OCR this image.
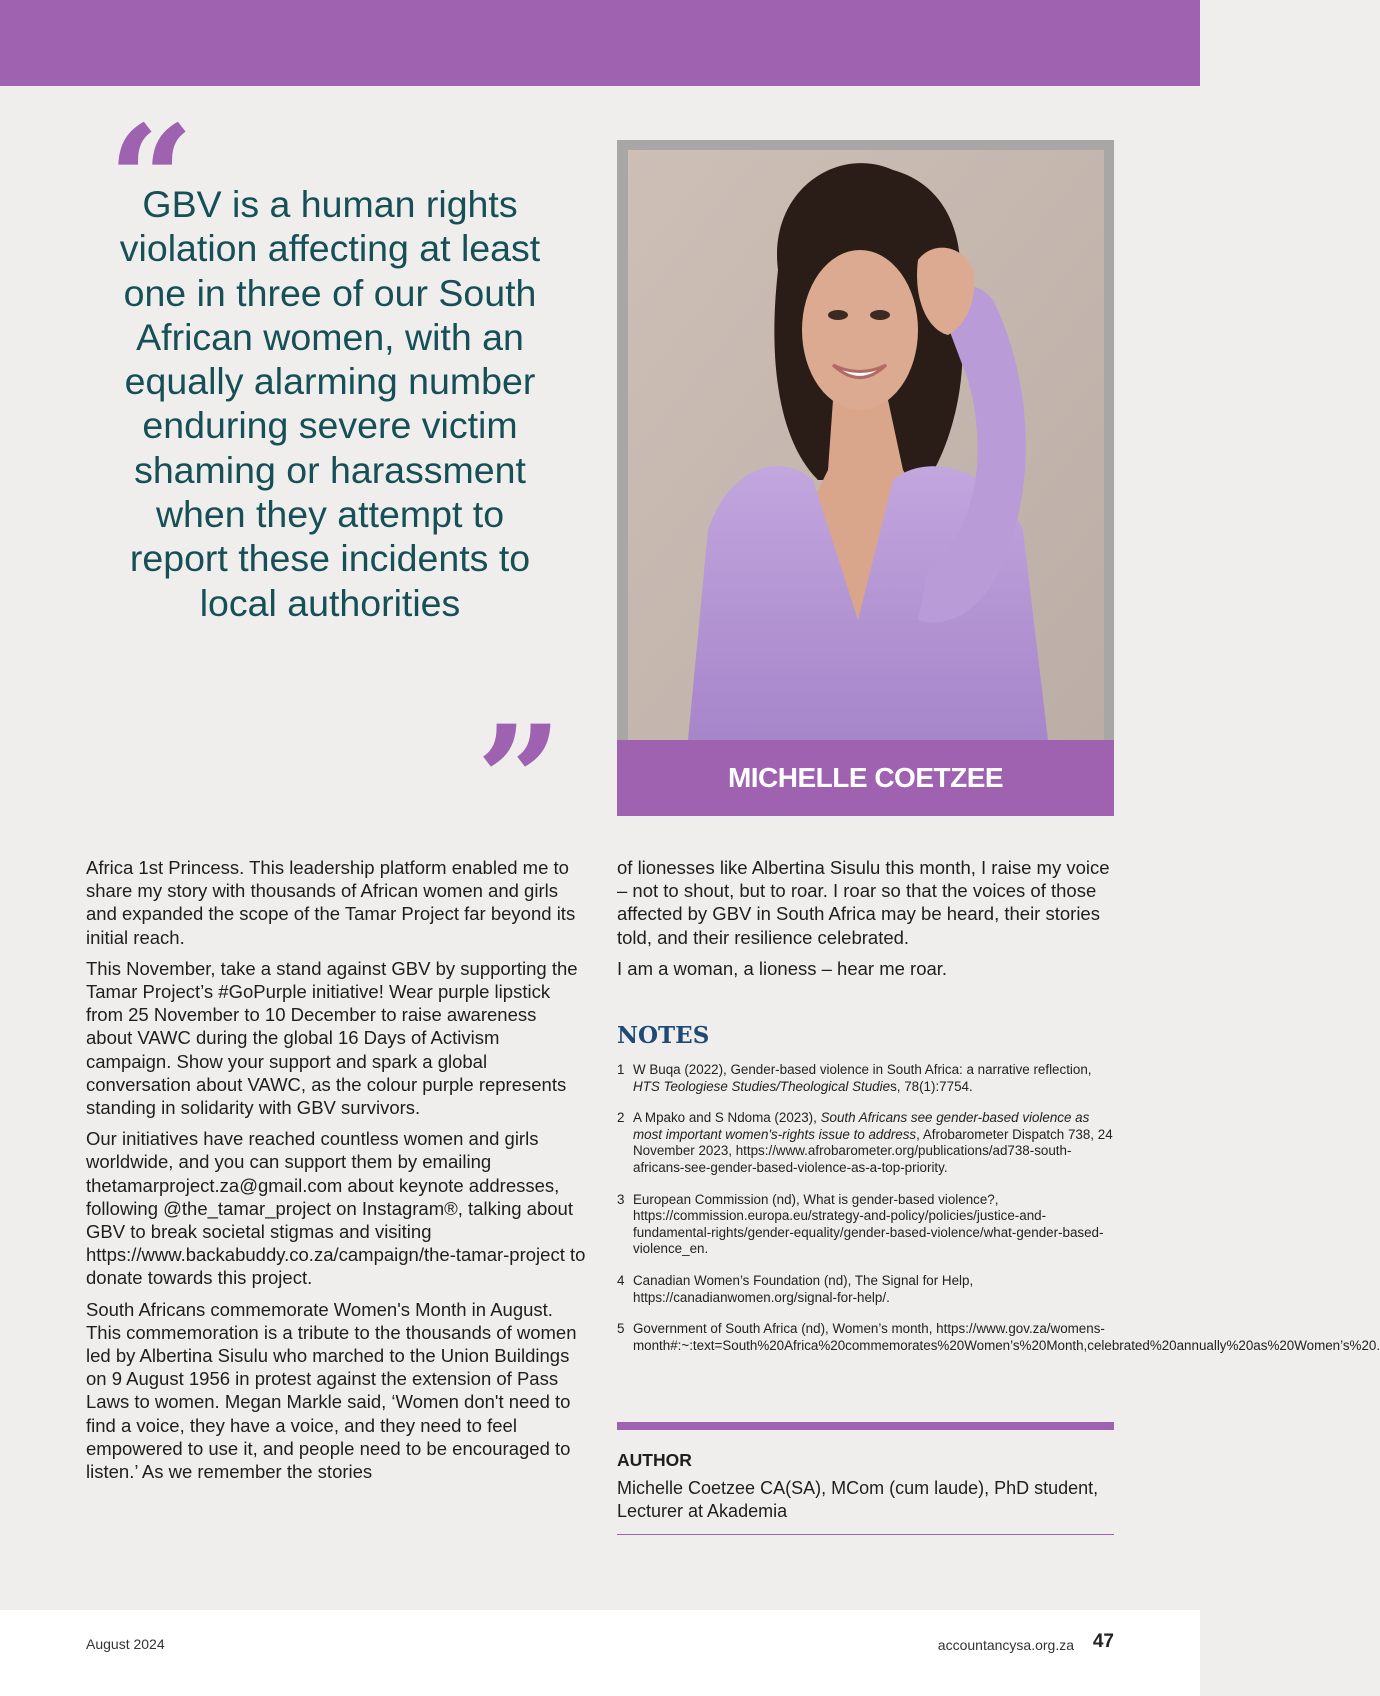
“
GBV is a human rights violation affecting at least one in three of our South African women, with an equally alarming number enduring severe victim shaming or harassment when they attempt to report these incidents to local authorities
”	MICHELLE COETZEE

Africa 1st Princess. This leadership platform enabled me to share my story with thousands of African women and girls and expanded the scope of the Tamar Project far beyond its initial reach.

This November, take a stand against GBV by supporting the Tamar Project’s #GoPurple initiative! Wear purple lipstick from 25 November to 10 December to raise awareness about VAWC during the global 16 Days of Activism campaign. Show your support and spark a global conversation about VAWC, as the colour purple represents standing in solidarity with GBV survivors.

Our initiatives have reached countless women and girls worldwide, and you can support them by emailing thetamarproject.za@gmail.com about keynote addresses, following @the_tamar_project on Instagram®, talking about GBV to break societal stigmas and visiting https://www.backabuddy.co.za/campaign/the-tamar-project to donate towards this project.

South Africans commemorate Women's Month in August. This commemoration is a tribute to the thousands of women led by Albertina Sisulu who marched to the Union Buildings on 9 August 1956 in protest against the extension of Pass Laws to women. Megan Markle said, ‘Women don't need to find a voice, they have a voice, and they need to feel empowered to use it, and people need to be encouraged to listen.’ As we remember the stories

of lionesses like Albertina Sisulu this month, I raise my voice – not to shout, but to roar. I roar so that the voices of those affected by GBV in South Africa may be heard, their stories told, and their resilience celebrated.

I am a woman, a lioness – hear me roar.

NOTES
1 W Buqa (2022), Gender-based violence in South Africa: a narrative reflection, HTS Teologiese Studies/Theological Studies, 78(1):7754.
2 A Mpako and S Ndoma (2023), South Africans see gender-based violence as most important women's-rights issue to address, Afrobarometer Dispatch 738, 24 November 2023, https://www.afrobarometer.org/publications/ad738-south-africans-see-gender-based-violence-as-a-top-priority.
3 European Commission (nd), What is gender-based violence?, https://commission.europa.eu/strategy-and-policy/policies/justice-and-fundamental-rights/gender-equality/gender-based-violence/what-gender-based-violence_en.
4 Canadian Women’s Foundation (nd), The Signal for Help, https://canadianwomen.org/signal-for-help/.
5 Government of South Africa (nd), Women’s month, https://www.gov.za/womens-month#:~:text=South%20Africa%20commemorates%20Women’s%20Month,celebrated%20annually%20as%20Women’s%20.
AUTHOR
Michelle Coetzee CA(SA), MCom (cum laude), PhD student, Lecturer at Akademia
August 2024	accountancysa.org.za 47
